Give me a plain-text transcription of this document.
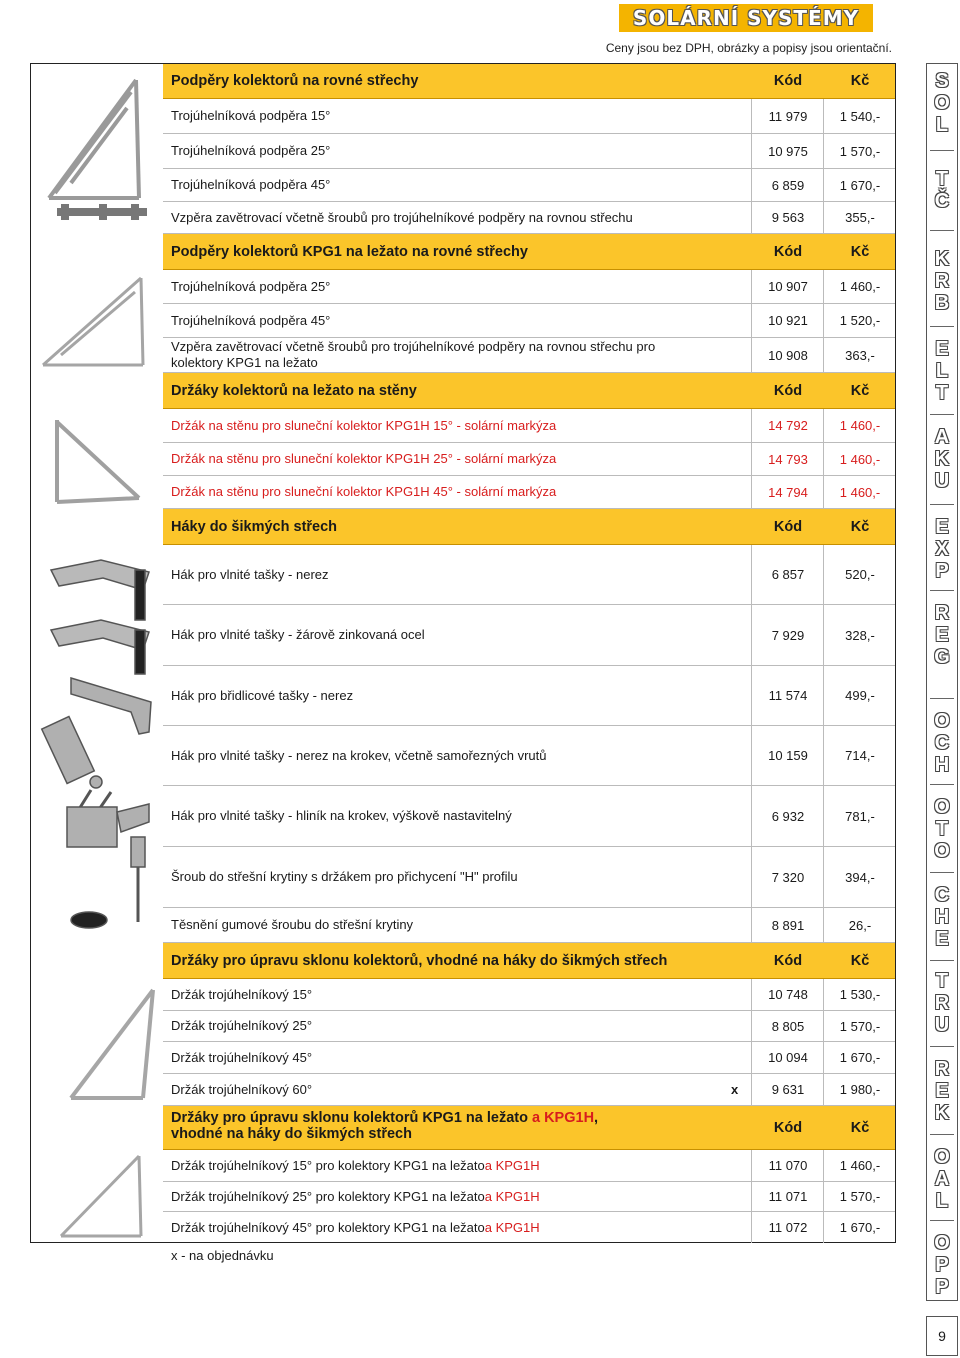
SOLÁRNÍ SYSTÉMY
Ceny jsou bez DPH, obrázky a popisy jsou orientační.
Podpěry kolektorů na rovné střechy	Kód	Kč
Trojúhelníková podpěra 15°	11 979	1 540,-
Trojúhelníková podpěra 25°	10 975	1 570,-
Trojúhelníková podpěra 45°	6 859	1 670,-
Vzpěra zavětrovací včetně šroubů pro trojúhelníkové podpěry na rovnou střechu	9 563	355,-
Podpěry kolektorů KPG1 na ležato na rovné střechy	Kód	Kč
Trojúhelníková podpěra 25°	10 907	1 460,-
Trojúhelníková podpěra 45°	10 921	1 520,-
Vzpěra zavětrovací včetně šroubů pro trojúhelníkové podpěry na rovnou střechu pro kolektory KPG1 na ležato	10 908	363,-
Držáky kolektorů na ležato na stěny	Kód	Kč
Držák na stěnu pro sluneční kolektor KPG1H 15° - solární markýza	14 792	1 460,-
Držák na stěnu pro sluneční kolektor KPG1H 25° - solární markýza	14 793	1 460,-
Držák na stěnu pro sluneční kolektor KPG1H 45° - solární markýza	14 794	1 460,-
Háky do šikmých střech	Kód	Kč
Hák pro vlnité tašky - nerez	6 857	520,-
Hák pro vlnité tašky - žárově zinkovaná ocel	7 929	328,-
Hák pro břidlicové tašky - nerez	11 574	499,-
Hák pro vlnité tašky - nerez na krokev, včetně samořezných vrutů	10 159	714,-
Hák pro vlnité tašky - hliník na krokev, výškově nastavitelný	6 932	781,-
Šroub do střešní krytiny s držákem pro přichycení "H" profilu	7 320	394,-
Těsnění gumové šroubu do střešní krytiny	8 891	26,-
Držáky pro úpravu sklonu kolektorů, vhodné na háky do šikmých střech	Kód	Kč
Držák trojúhelníkový 15°	10 748	1 530,-
Držák trojúhelníkový 25°	8 805	1 570,-
Držák trojúhelníkový 45°	10 094	1 670,-
Držák trojúhelníkový 60°	x	9 631	1 980,-
Držáky pro úpravu sklonu kolektorů KPG1 na ležato a KPG1H,
vhodné na háky do šikmých střech	Kód	Kč
Držák trojúhelníkový 15° pro kolektory KPG1 na ležato a KPG1H	11 070	1 460,-
Držák trojúhelníkový 25° pro kolektory KPG1 na ležato a KPG1H	11 071	1 570,-
Držák trojúhelníkový 45° pro kolektory KPG1 na ležato a KPG1H	11 072	1 670,-
x - na objednávku
S
O
L
T
Č
K
R
B
E
L
T
A
K
U
E
X
P
R
E
G
O
C
H
O
T
O
C
H
E
T
R
U
R
E
K
O
A
L
O
P
P
9
